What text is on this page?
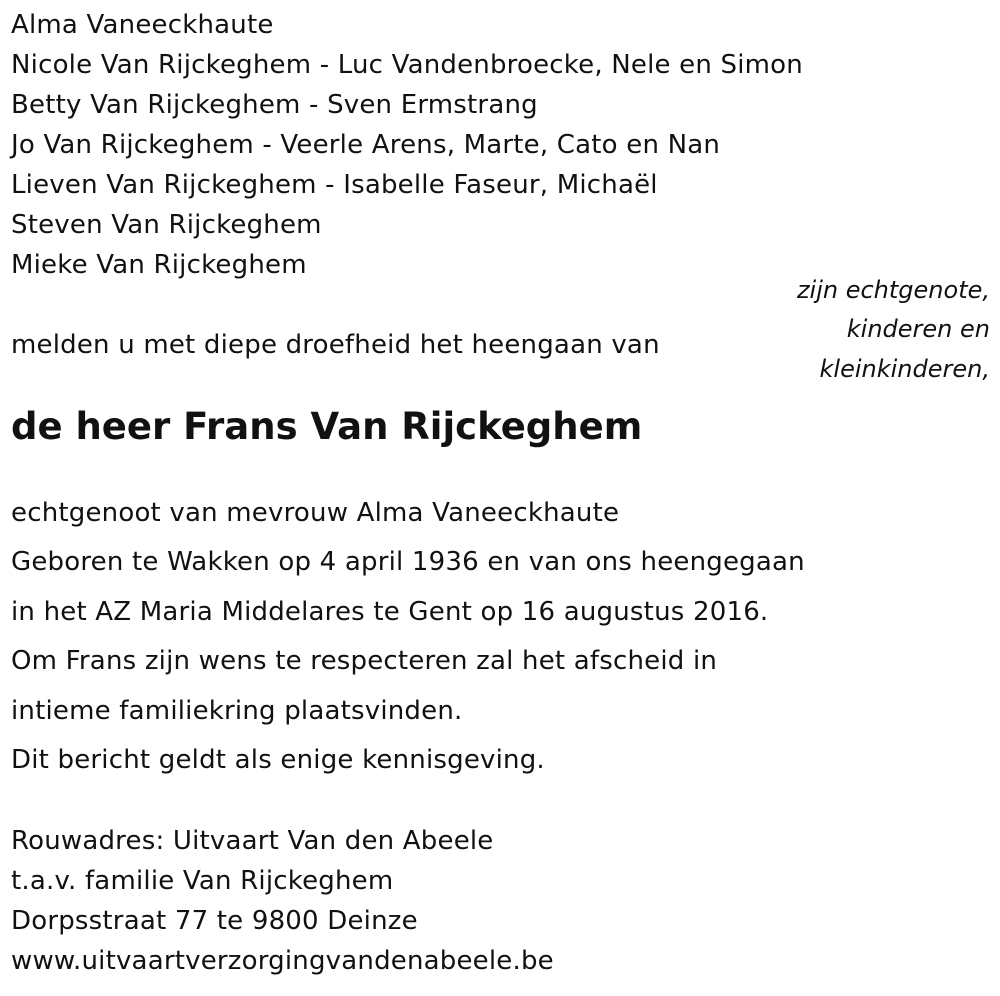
Alma Vaneeckhaute
Nicole Van Rijckeghem - Luc Vandenbroecke, Nele en Simon
Betty Van Rijckeghem - Sven Ermstrang
Jo Van Rijckeghem - Veerle Arens, Marte, Cato en Nan
Lieven Van Rijckeghem - Isabelle Faseur, Michaël
Steven Van Rijckeghem
Mieke Van Rijckeghem
zijn echtgenote,
kinderen en
kleinkinderen,
melden u met diepe droefheid het heengaan van
de heer Frans Van Rijckeghem
echtgenoot van mevrouw Alma Vaneeckhaute
Geboren te Wakken op 4 april 1936 en van ons heengegaan
in het AZ Maria Middelares te Gent op 16 augustus 2016.
Om Frans zijn wens te respecteren zal het afscheid in
intieme familiekring plaatsvinden.
Dit bericht geldt als enige kennisgeving.
Rouwadres: Uitvaart Van den Abeele
t.a.v. familie Van Rijckeghem
Dorpsstraat 77 te 9800 Deinze
www.uitvaartverzorgingvandenabeele.be
